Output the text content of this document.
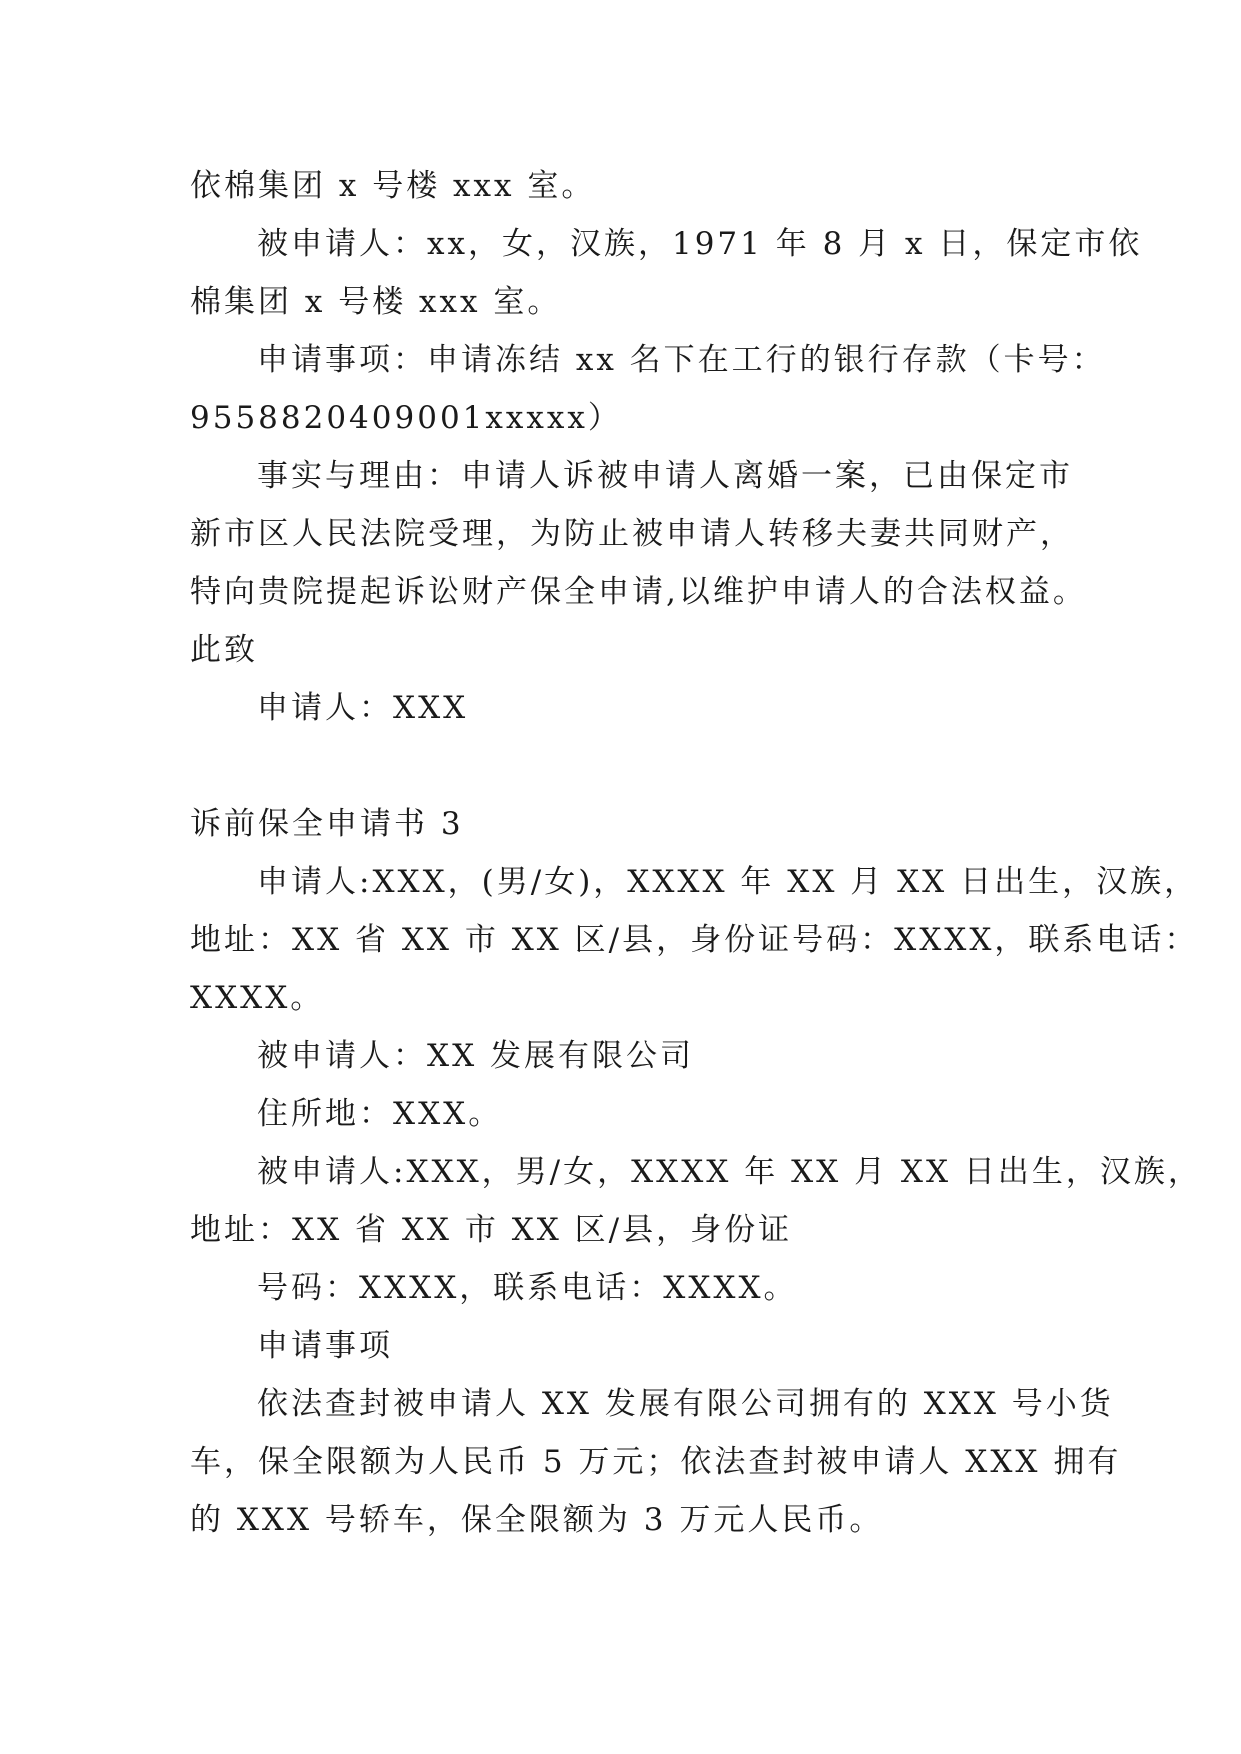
依棉集团 x 号楼 xxx 室。
被申请人：xx，女，汉族，1971 年 8 月 x 日，保定市依
棉集团 x 号楼 xxx 室。
申请事项：申请冻结 xx 名下在工行的银行存款（卡号：
9558820409001xxxxx）
事实与理由：申请人诉被申请人离婚一案，已由保定市
新市区人民法院受理，为防止被申请人转移夫妻共同财产，
特向贵院提起诉讼财产保全申请,以维护申请人的合法权益。
此致
申请人：XXX
诉前保全申请书 3
申请人:XXX，(男/女)，XXXX 年 XX 月 XX 日出生，汉族，
地址：XX 省 XX 市 XX 区/县，身份证号码：XXXX，联系电话：
XXXX。
被申请人：XX 发展有限公司
住所地：XXX。
被申请人:XXX，男/女，XXXX 年 XX 月 XX 日出生，汉族，
地址：XX 省 XX 市 XX 区/县，身份证
号码：XXXX，联系电话：XXXX。
申请事项
依法查封被申请人 XX 发展有限公司拥有的 XXX 号小货
车，保全限额为人民币 5 万元；依法查封被申请人 XXX 拥有
的 XXX 号轿车，保全限额为 3 万元人民币。
